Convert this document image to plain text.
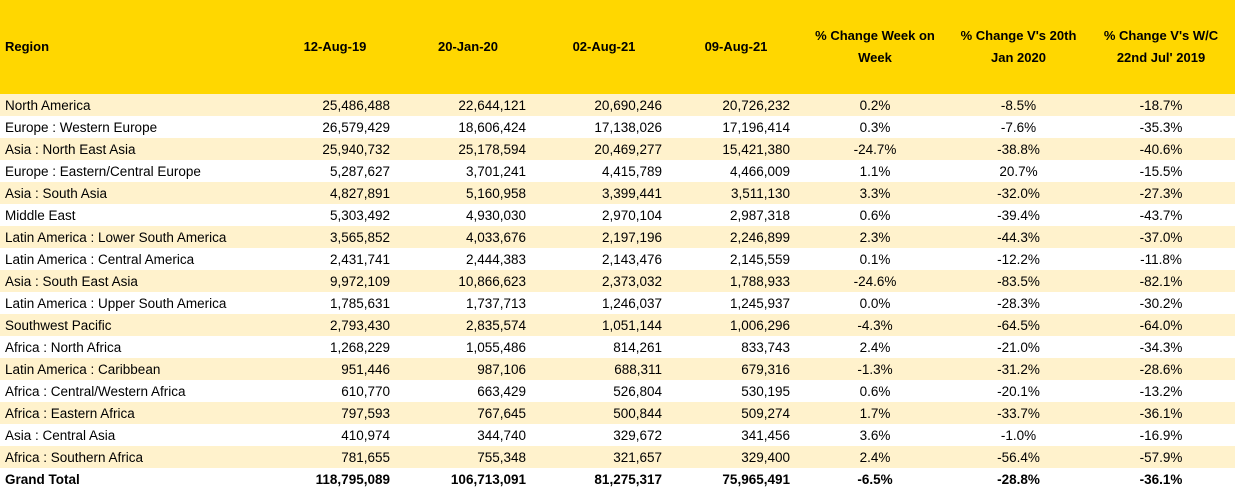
Region	12-Aug-19	20-Jan-20	02-Aug-21	09-Aug-21	% Change Week on Week	% Change V's 20th Jan 2020	% Change V's W/C 22nd Jul' 2019
North America	25,486,488	22,644,121	20,690,246	20,726,232	0.2%	-8.5%	-18.7%
Europe : Western Europe	26,579,429	18,606,424	17,138,026	17,196,414	0.3%	-7.6%	-35.3%
Asia : North East Asia	25,940,732	25,178,594	20,469,277	15,421,380	-24.7%	-38.8%	-40.6%
Europe : Eastern/Central Europe	5,287,627	3,701,241	4,415,789	4,466,009	1.1%	20.7%	-15.5%
Asia : South Asia	4,827,891	5,160,958	3,399,441	3,511,130	3.3%	-32.0%	-27.3%
Middle East	5,303,492	4,930,030	2,970,104	2,987,318	0.6%	-39.4%	-43.7%
Latin America : Lower South America	3,565,852	4,033,676	2,197,196	2,246,899	2.3%	-44.3%	-37.0%
Latin America : Central America	2,431,741	2,444,383	2,143,476	2,145,559	0.1%	-12.2%	-11.8%
Asia : South East Asia	9,972,109	10,866,623	2,373,032	1,788,933	-24.6%	-83.5%	-82.1%
Latin America : Upper South America	1,785,631	1,737,713	1,246,037	1,245,937	0.0%	-28.3%	-30.2%
Southwest Pacific	2,793,430	2,835,574	1,051,144	1,006,296	-4.3%	-64.5%	-64.0%
Africa : North Africa	1,268,229	1,055,486	814,261	833,743	2.4%	-21.0%	-34.3%
Latin America : Caribbean	951,446	987,106	688,311	679,316	-1.3%	-31.2%	-28.6%
Africa : Central/Western Africa	610,770	663,429	526,804	530,195	0.6%	-20.1%	-13.2%
Africa : Eastern Africa	797,593	767,645	500,844	509,274	1.7%	-33.7%	-36.1%
Asia : Central Asia	410,974	344,740	329,672	341,456	3.6%	-1.0%	-16.9%
Africa : Southern Africa	781,655	755,348	321,657	329,400	2.4%	-56.4%	-57.9%
Grand Total	118,795,089	106,713,091	81,275,317	75,965,491	-6.5%	-28.8%	-36.1%
